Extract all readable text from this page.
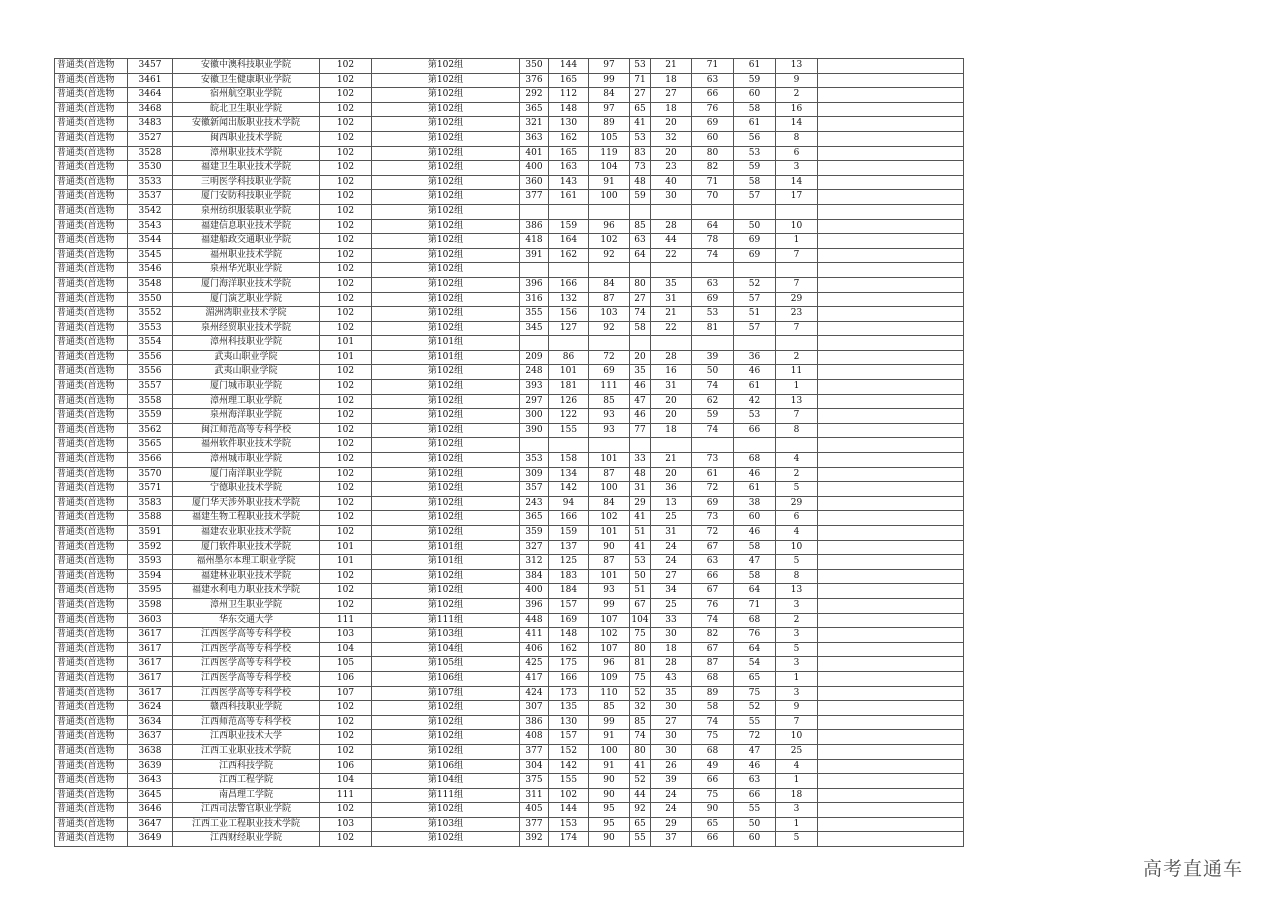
普通类(首选物	3457	安徽中澳科技职业学院	102	第102组	350	144	97	53	21	71	61	13	
普通类(首选物	3461	安徽卫生健康职业学院	102	第102组	376	165	99	71	18	63	59	9	
普通类(首选物	3464	宿州航空职业学院	102	第102组	292	112	84	27	27	66	60	2	
普通类(首选物	3468	皖北卫生职业学院	102	第102组	365	148	97	65	18	76	58	16	
普通类(首选物	3483	安徽新闻出版职业技术学院	102	第102组	321	130	89	41	20	69	61	14	
普通类(首选物	3527	闽西职业技术学院	102	第102组	363	162	105	53	32	60	56	8	
普通类(首选物	3528	漳州职业技术学院	102	第102组	401	165	119	83	20	80	53	6	
普通类(首选物	3530	福建卫生职业技术学院	102	第102组	400	163	104	73	23	82	59	3	
普通类(首选物	3533	三明医学科技职业学院	102	第102组	360	143	91	48	40	71	58	14	
普通类(首选物	3537	厦门安防科技职业学院	102	第102组	377	161	100	59	30	70	57	17	
普通类(首选物	3542	泉州纺织服装职业学院	102	第102组									
普通类(首选物	3543	福建信息职业技术学院	102	第102组	386	159	96	85	28	64	50	10	
普通类(首选物	3544	福建船政交通职业学院	102	第102组	418	164	102	63	44	78	69	1	
普通类(首选物	3545	福州职业技术学院	102	第102组	391	162	92	64	22	74	69	7	
普通类(首选物	3546	泉州华光职业学院	102	第102组									
普通类(首选物	3548	厦门海洋职业技术学院	102	第102组	396	166	84	80	35	63	52	7	
普通类(首选物	3550	厦门演艺职业学院	102	第102组	316	132	87	27	31	69	57	29	
普通类(首选物	3552	湄洲湾职业技术学院	102	第102组	355	156	103	74	21	53	51	23	
普通类(首选物	3553	泉州经贸职业技术学院	102	第102组	345	127	92	58	22	81	57	7	
普通类(首选物	3554	漳州科技职业学院	101	第101组									
普通类(首选物	3556	武夷山职业学院	101	第101组	209	86	72	20	28	39	36	2	
普通类(首选物	3556	武夷山职业学院	102	第102组	248	101	69	35	16	50	46	11	
普通类(首选物	3557	厦门城市职业学院	102	第102组	393	181	111	46	31	74	61	1	
普通类(首选物	3558	漳州理工职业学院	102	第102组	297	126	85	47	20	62	42	13	
普通类(首选物	3559	泉州海洋职业学院	102	第102组	300	122	93	46	20	59	53	7	
普通类(首选物	3562	闽江师范高等专科学校	102	第102组	390	155	93	77	18	74	66	8	
普通类(首选物	3565	福州软件职业技术学院	102	第102组									
普通类(首选物	3566	漳州城市职业学院	102	第102组	353	158	101	33	21	73	68	4	
普通类(首选物	3570	厦门南洋职业学院	102	第102组	309	134	87	48	20	61	46	2	
普通类(首选物	3571	宁德职业技术学院	102	第102组	357	142	100	31	36	72	61	5	
普通类(首选物	3583	厦门华天涉外职业技术学院	102	第102组	243	94	84	29	13	69	38	29	
普通类(首选物	3588	福建生物工程职业技术学院	102	第102组	365	166	102	41	25	73	60	6	
普通类(首选物	3591	福建农业职业技术学院	102	第102组	359	159	101	51	31	72	46	4	
普通类(首选物	3592	厦门软件职业技术学院	101	第101组	327	137	90	41	24	67	58	10	
普通类(首选物	3593	福州墨尔本理工职业学院	101	第101组	312	125	87	53	24	63	47	5	
普通类(首选物	3594	福建林业职业技术学院	102	第102组	384	183	101	50	27	66	58	8	
普通类(首选物	3595	福建水利电力职业技术学院	102	第102组	400	184	93	51	34	67	64	13	
普通类(首选物	3598	漳州卫生职业学院	102	第102组	396	157	99	67	25	76	71	3	
普通类(首选物	3603	华东交通大学	111	第111组	448	169	107	104	33	74	68	2	
普通类(首选物	3617	江西医学高等专科学校	103	第103组	411	148	102	75	30	82	76	3	
普通类(首选物	3617	江西医学高等专科学校	104	第104组	406	162	107	80	18	67	64	5	
普通类(首选物	3617	江西医学高等专科学校	105	第105组	425	175	96	81	28	87	54	3	
普通类(首选物	3617	江西医学高等专科学校	106	第106组	417	166	109	75	43	68	65	1	
普通类(首选物	3617	江西医学高等专科学校	107	第107组	424	173	110	52	35	89	75	3	
普通类(首选物	3624	赣西科技职业学院	102	第102组	307	135	85	32	30	58	52	9	
普通类(首选物	3634	江西师范高等专科学校	102	第102组	386	130	99	85	27	74	55	7	
普通类(首选物	3637	江西职业技术大学	102	第102组	408	157	91	74	30	75	72	10	
普通类(首选物	3638	江西工业职业技术学院	102	第102组	377	152	100	80	30	68	47	25	
普通类(首选物	3639	江西科技学院	106	第106组	304	142	91	41	26	49	46	4	
普通类(首选物	3643	江西工程学院	104	第104组	375	155	90	52	39	66	63	1	
普通类(首选物	3645	南昌理工学院	111	第111组	311	102	90	44	24	75	66	18	
普通类(首选物	3646	江西司法警官职业学院	102	第102组	405	144	95	92	24	90	55	3	
普通类(首选物	3647	江西工业工程职业技术学院	103	第103组	377	153	95	65	29	65	50	1	
普通类(首选物	3649	江西财经职业学院	102	第102组	392	174	90	55	37	66	60	5	
高考直通车
